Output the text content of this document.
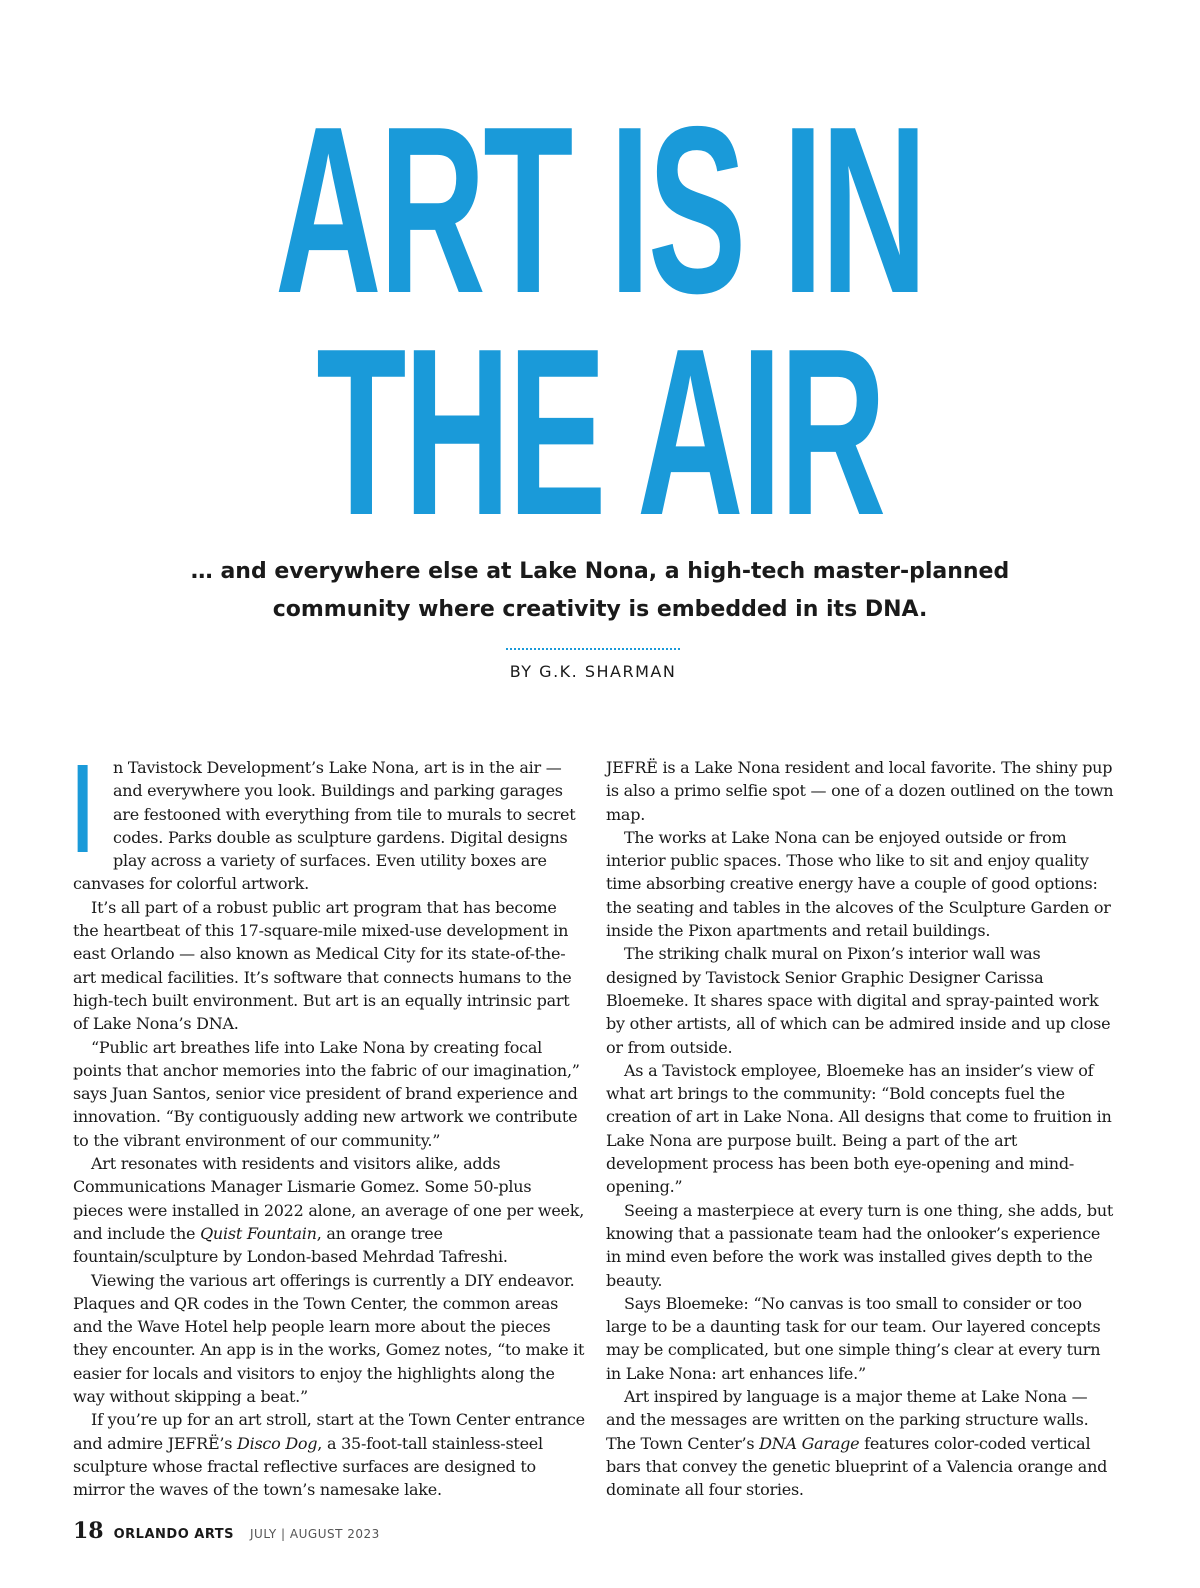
ART IS IN
THE AIR
… and everywhere else at Lake Nona, a high-tech master-planned
community where creativity is embedded in its DNA.
BY G.K. SHARMAN

I n Tavistock Development’s Lake Nona, art is in the air — and everywhere you look. Buildings and parking garages are festooned with everything from tile to murals to secret codes. Parks double as sculpture gardens. Digital designs play across a variety of surfaces. Even utility boxes are canvases for colorful artwork.

It’s all part of a robust public art program that has become the heartbeat of this 17-square-mile mixed-use development in east Orlando — also known as Medical City for its state-of-the-art medical facilities. It’s software that connects humans to the high-tech built environment. But art is an equally intrinsic part of Lake Nona’s DNA.

“Public art breathes life into Lake Nona by creating focal points that anchor memories into the fabric of our imagination,” says Juan Santos, senior vice president of brand experience and innovation. “By contiguously adding new artwork we contribute to the vibrant environment of our community.”

Art resonates with residents and visitors alike, adds Communications Manager Lismarie Gomez. Some 50-plus pieces were installed in 2022 alone, an average of one per week, and include the Quist Fountain, an orange tree fountain/sculpture by London-based Mehrdad Tafreshi.

Viewing the various art offerings is currently a DIY endeavor. Plaques and QR codes in the Town Center, the common areas and the Wave Hotel help people learn more about the pieces they encounter. An app is in the works, Gomez notes, “to make it easier for locals and visitors to enjoy the highlights along the way without skipping a beat.”

If you’re up for an art stroll, start at the Town Center entrance and admire JEFRË’s Disco Dog, a 35-foot-tall stainless-steel sculpture whose fractal reflective surfaces are designed to mirror the waves of the town’s namesake lake.

JEFRË is a Lake Nona resident and local favorite. The shiny pup is also a primo selfie spot — one of a dozen outlined on the town map.

The works at Lake Nona can be enjoyed outside or from interior public spaces. Those who like to sit and enjoy quality time absorbing creative energy have a couple of good options: the seating and tables in the alcoves of the Sculpture Garden or inside the Pixon apartments and retail buildings.

The striking chalk mural on Pixon’s interior wall was designed by Tavistock Senior Graphic Designer Carissa Bloemeke. It shares space with digital and spray-painted work by other artists, all of which can be admired inside and up close or from outside.

As a Tavistock employee, Bloemeke has an insider’s view of what art brings to the community: “Bold concepts fuel the creation of art in Lake Nona. All designs that come to fruition in Lake Nona are purpose built. Being a part of the art development process has been both eye-opening and mind-opening.”

Seeing a masterpiece at every turn is one thing, she adds, but knowing that a passionate team had the onlooker’s experience in mind even before the work was installed gives depth to the beauty.

Says Bloemeke: “No canvas is too small to consider or too large to be a daunting task for our team. Our layered concepts may be complicated, but one simple thing’s clear at every turn in Lake Nona: art enhances life.”

Art inspired by language is a major theme at Lake Nona — and the messages are written on the parking structure walls. The Town Center’s DNA Garage features color-coded vertical bars that convey the genetic blueprint of a Valencia orange and dominate all four stories.

18 ORLANDO ARTS JULY | AUGUST 2023
